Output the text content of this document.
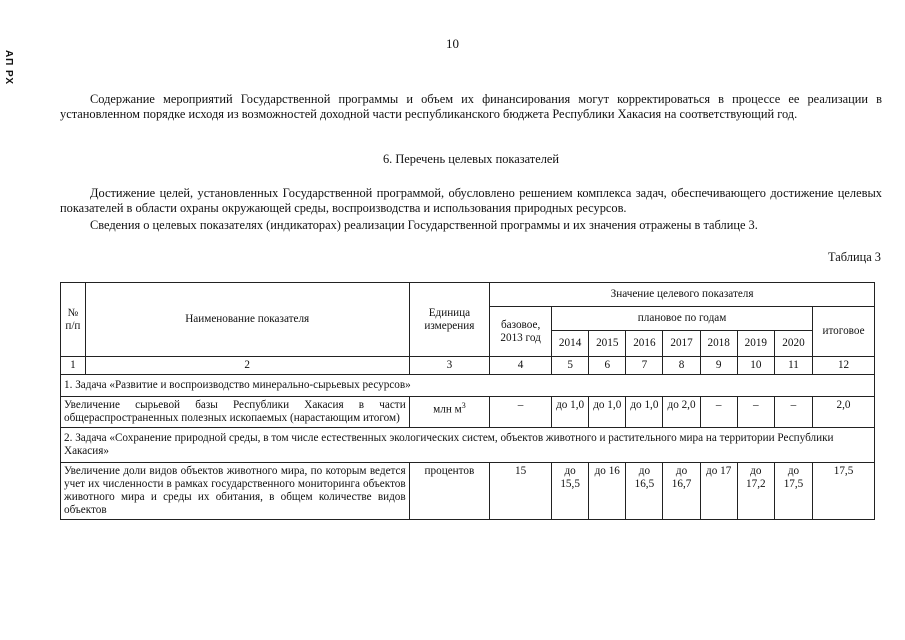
АП РХ
10

Содержание мероприятий Государственной программы и объем их финансирования могут корректироваться в процессе ее реализации в установленном порядке исходя из возможностей доходной части республиканского бюджета Республики Хакасия на соответствующий год.

6. Перечень целевых показателей

Достижение целей, установленных Государственной программой, обусловлено решением комплекса задач, обеспечивающего достижение целевых показателей в области охраны окружающей среды, воспроизводства и использования природных ресурсов.

Сведения о целевых показателях (индикаторах) реализации Государственной программы и их значения отражены в таблице 3.

Таблица 3
№ п/п	Наименование показателя	Единица измерения	Значение целевого показателя								
			базовое, 2013 год	плановое по годам							итоговое
				2014	2015	2016	2017	2018	2019	2020	
1	2	3	4	5	6	7	8	9	10	11	12
1. Задача «Развитие и воспроизводство минерально-сырьевых ресурсов»											
Увеличение сырьевой базы Республики Хакасия в части общераспространенных полезных ископаемых (нарастающим итогом)		млн $м^3$	–	до 1,0	до 1,0	до 1,0	до 2,0	–	–	–	2,0
2. Задача «Сохранение природной среды, в том числе естественных экологических систем, объектов животного и растительного мира на территории Республики Хакасия»											
Увеличение доли видов объектов животного мира, по которым ведется учет их численности в рамках государственного мониторинга объектов животного мира и среды их обитания, в общем количестве видов объектов		процентов	15	до 15,5	до 16	до 16,5	до 16,7	до 17	до 17,2	до 17,5	17,5
